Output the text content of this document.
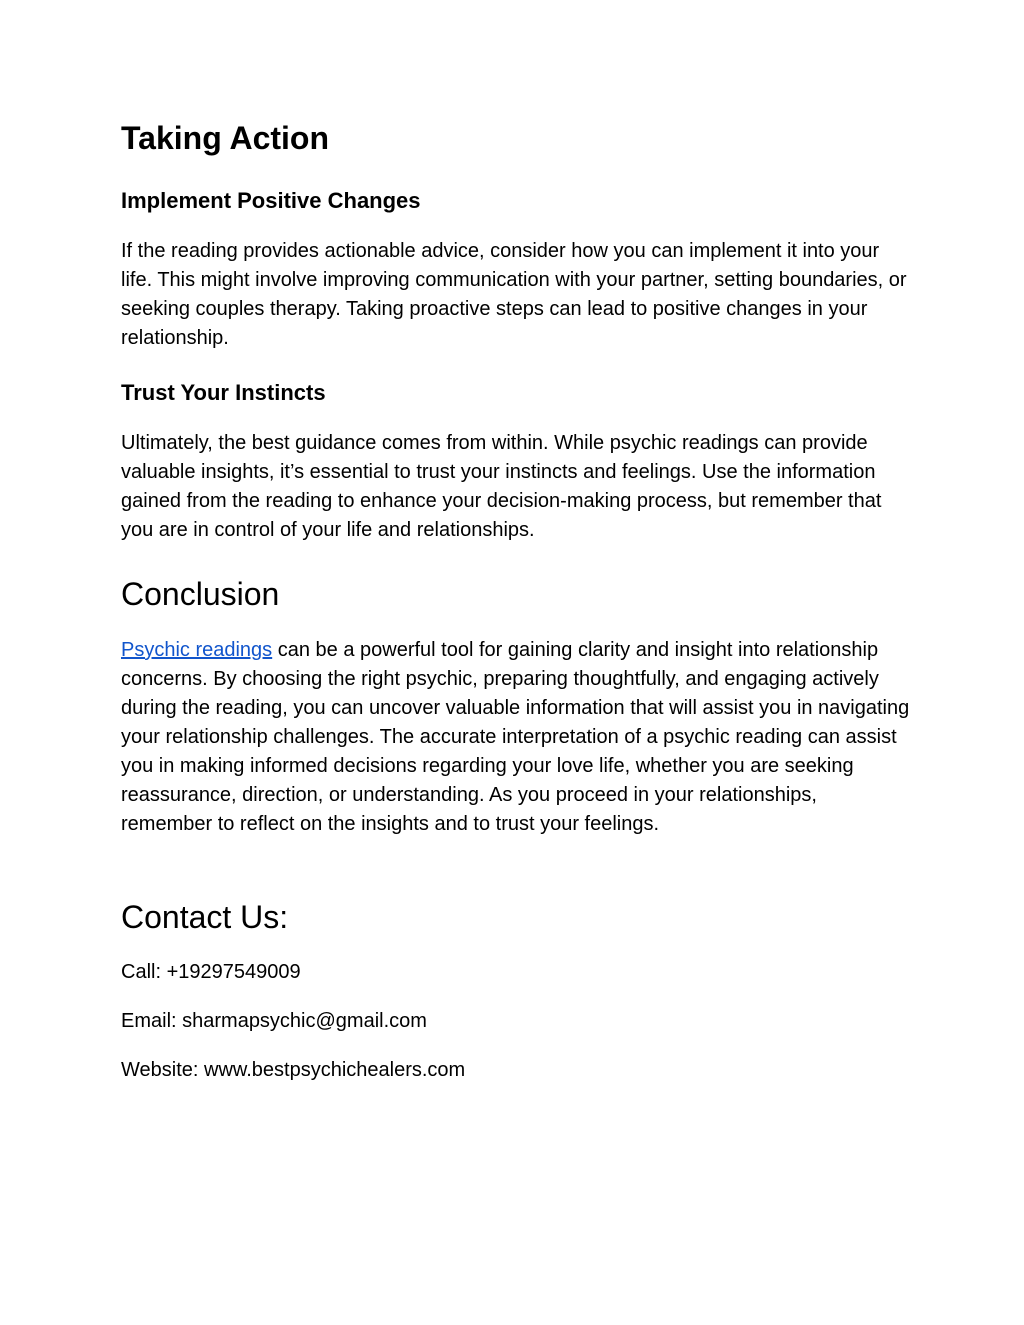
Taking Action
Implement Positive Changes

If the reading provides actionable advice, consider how you can implement it into your life. This might involve improving communication with your partner, setting boundaries, or seeking couples therapy. Taking proactive steps can lead to positive changes in your relationship.

Trust Your Instincts

Ultimately, the best guidance comes from within. While psychic readings can provide valuable insights, it’s essential to trust your instincts and feelings. Use the information gained from the reading to enhance your decision-making process, but remember that you are in control of your life and relationships.

Conclusion

Psychic readings can be a powerful tool for gaining clarity and insight into relationship concerns. By choosing the right psychic, preparing thoughtfully, and engaging actively during the reading, you can uncover valuable information that will assist you in navigating your relationship challenges. The accurate interpretation of a psychic reading can assist you in making informed decisions regarding your love life, whether you are seeking reassurance, direction, or understanding. As you proceed in your relationships, remember to reflect on the insights and to trust your feelings.

Contact Us:

Call: +19297549009

Email: sharmapsychic@gmail.com

Website: www.bestpsychichealers.com
